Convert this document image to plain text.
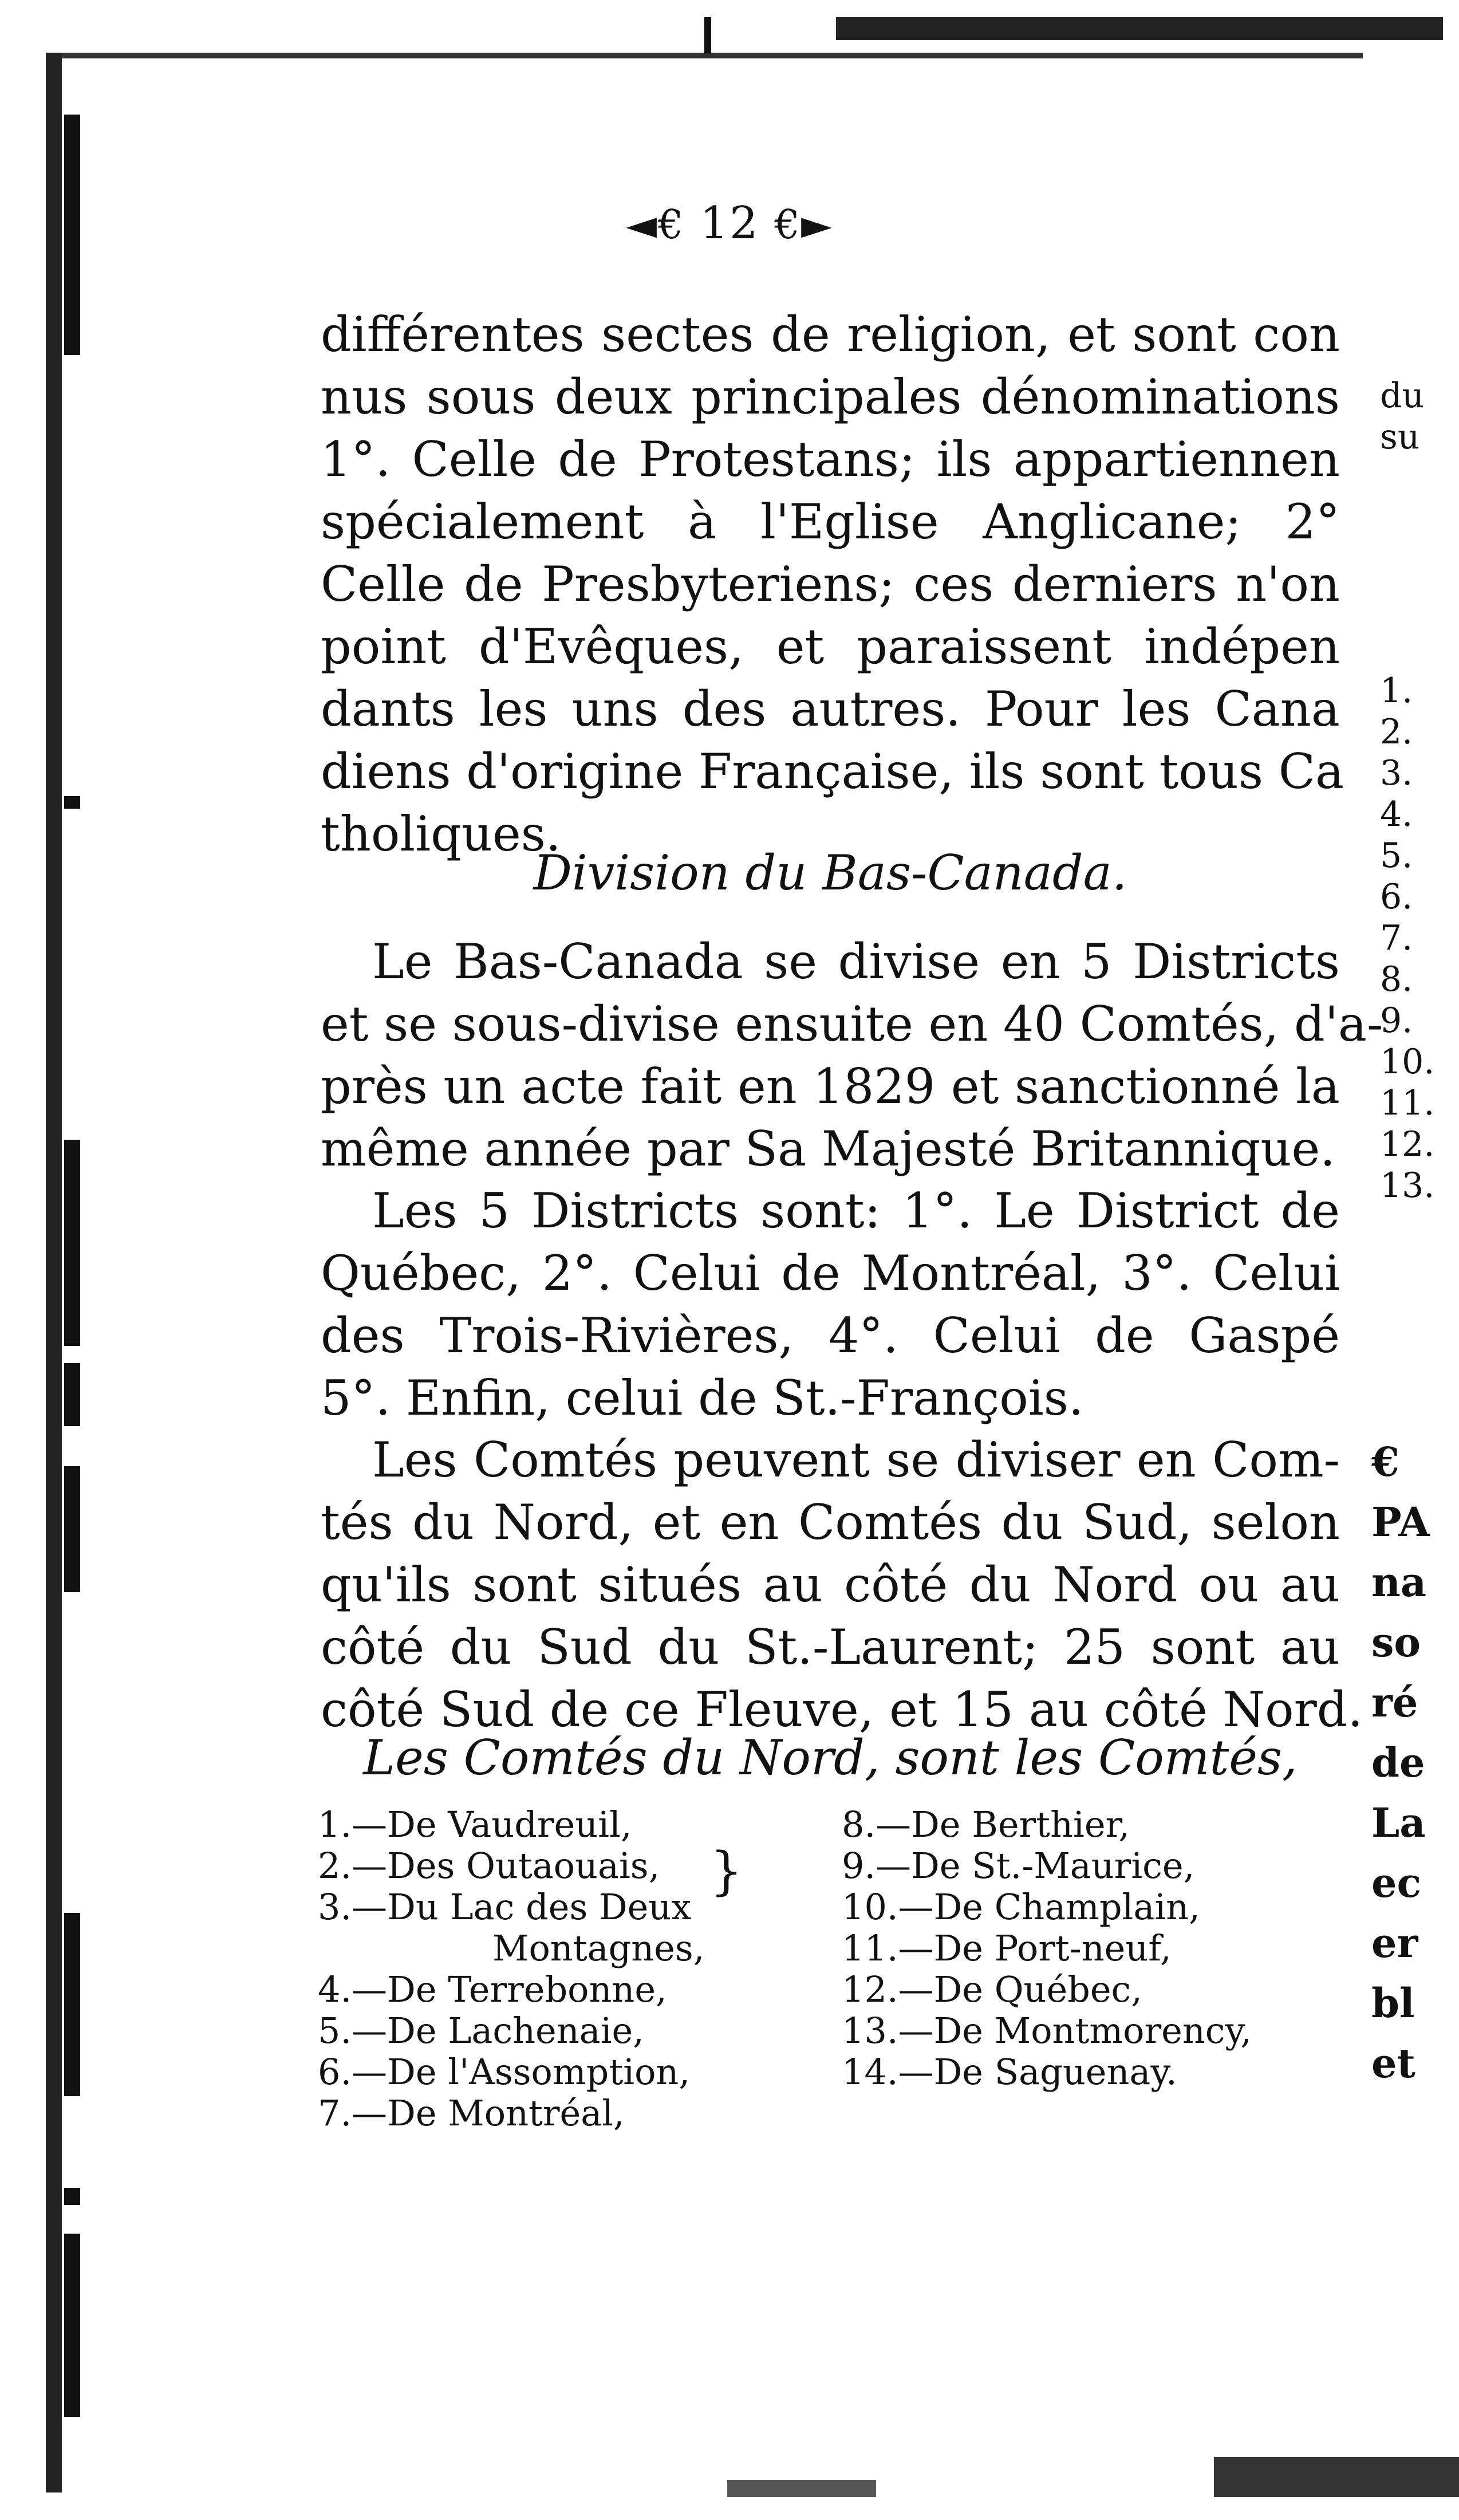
◄€ 12 €►
différentes sectes de religion, et sont con
nus sous deux principales dénominations
1°. Celle de Protestans; ils appartiennen
spécialement à l'Eglise Anglicane; 2°
Celle de Presbyteriens; ces derniers n'on
point d'Evêques, et paraissent indépen
dants les uns des autres. Pour les Cana
diens d'origine Française, ils sont tous Ca
tholiques.
Division du Bas-Canada.
Le Bas-Canada se divise en 5 Districts
et se sous-divise ensuite en 40 Comtés, d'a-
près un acte fait en 1829 et sanctionné la
même année par Sa Majesté Britannique.
Les 5 Districts sont: 1°. Le District de
Québec, 2°. Celui de Montréal, 3°. Celui
des Trois-Rivières, 4°. Celui de Gaspé
5°. Enfin, celui de St.-François.
Les Comtés peuvent se diviser en Com-
tés du Nord, et en Comtés du Sud, selon
qu'ils sont situés au côté du Nord ou au
côté du Sud du St.-Laurent; 25 sont au
côté Sud de ce Fleuve, et 15 au côté Nord.
Les Comtés du Nord, sont les Comtés,
1.—De Vaudreuil,
2.—Des Outaouais,
3.—Du Lac des Deux
Montagnes,
4.—De Terrebonne,
5.—De Lachenaie,
6.—De l'Assomption,
7.—De Montréal,
}
8.—De Berthier,
9.—De St.-Maurice,
10.—De Champlain,
11.—De Port-neuf,
12.—De Québec,
13.—De Montmorency,
14.—De Saguenay.
du
su
1.
2.
3.
4.
5.
6.
7.
8.
9.
10.
11.
12.
13.
€
PA
na
so
ré
de
La
ec
er
bl
et
